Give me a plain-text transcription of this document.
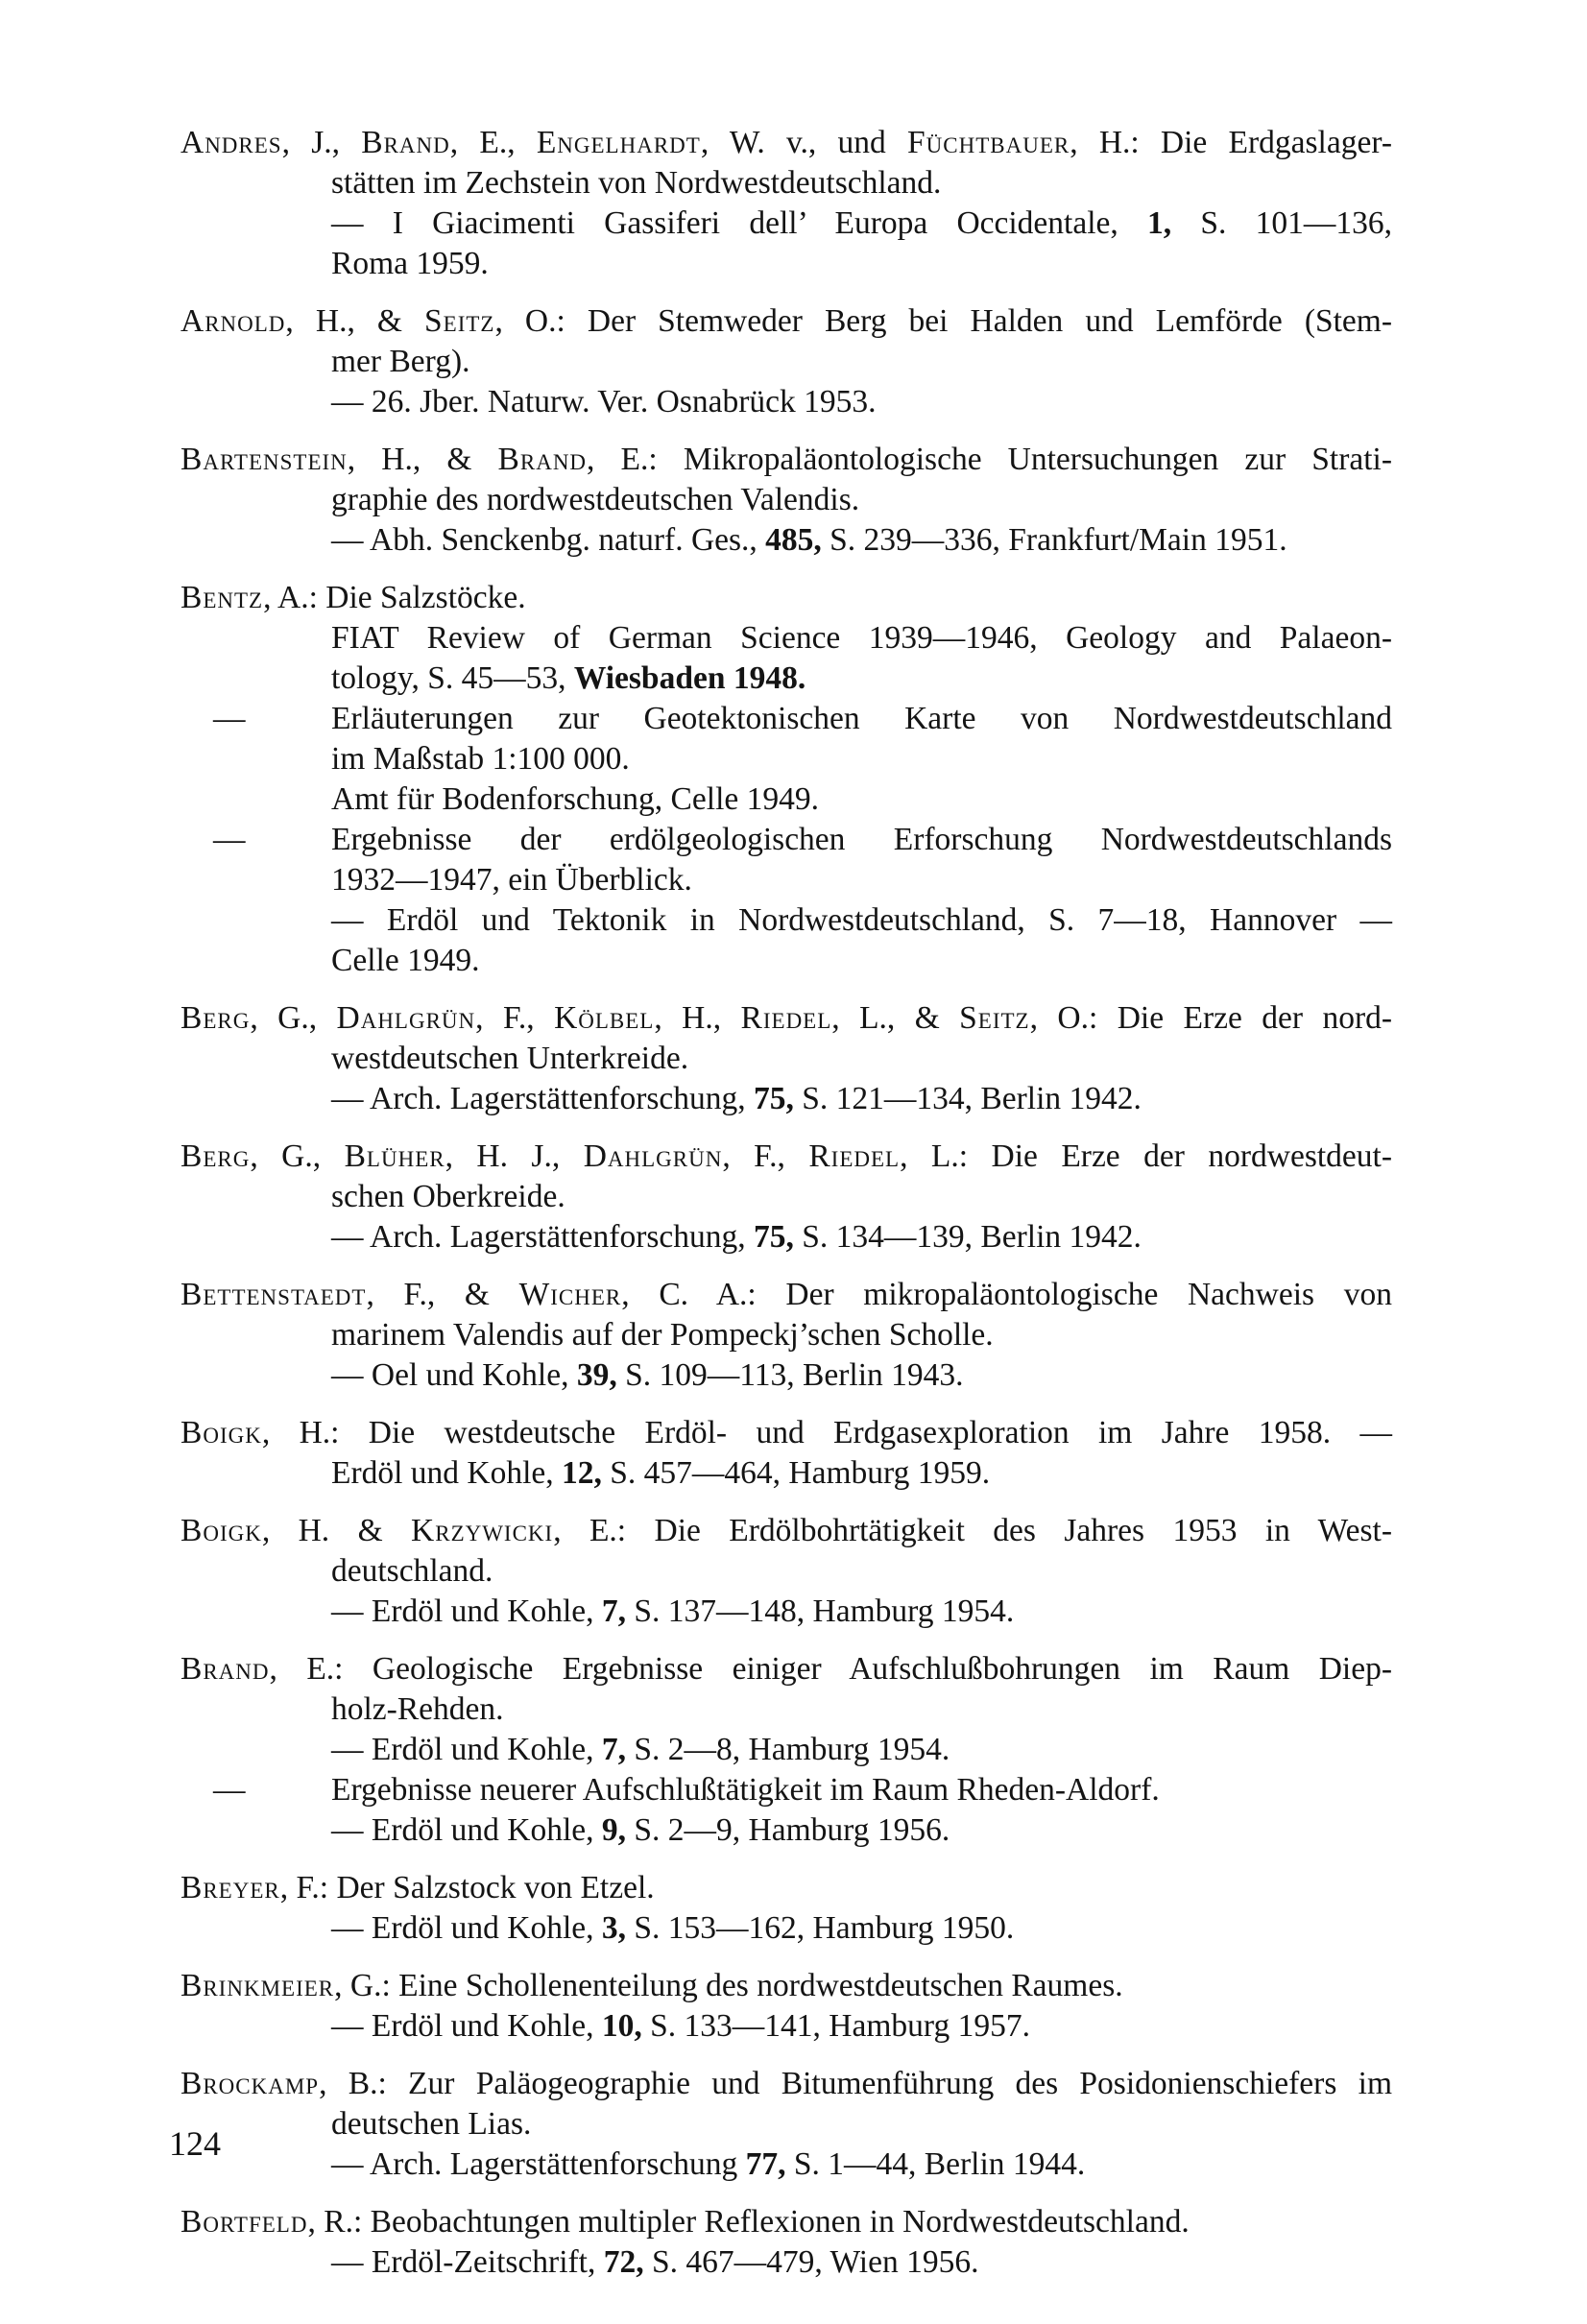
Andres, J., Brand, E., Engelhardt, W. v., und Füchtbauer, H.: Die Erdgaslager-
stätten im Zechstein von Nordwestdeutschland.
— I Giacimenti Gassiferi dell’ Europa Occidentale, 1, S. 101—136,
Roma 1959.
Arnold, H., & Seitz, O.: Der Stemweder Berg bei Halden und Lemförde (Stem-
mer Berg).
— 26. Jber. Naturw. Ver. Osnabrück 1953.
Bartenstein, H., & Brand, E.: Mikropaläontologische Untersuchungen zur Strati-
graphie des nordwestdeutschen Valendis.
— Abh. Senckenbg. naturf. Ges., 485, S. 239—336, Frankfurt/Main 1951.
Bentz, A.: Die Salzstöcke.
FIAT Review of German Science 1939—1946, Geology and Palaeon-
tology, S. 45—53, Wiesbaden 1948.
—	Erläuterungen zur Geotektonischen Karte von Nordwestdeutschland
im Maßstab 1:100 000.
Amt für Bodenforschung, Celle 1949.
—	Ergebnisse der erdölgeologischen Erforschung Nordwestdeutschlands
1932—1947, ein Überblick.
— Erdöl und Tektonik in Nordwestdeutschland, S. 7—18, Hannover —
Celle 1949.
Berg, G., Dahlgrün, F., Kölbel, H., Riedel, L., & Seitz, O.: Die Erze der nord-
westdeutschen Unterkreide.
— Arch. Lagerstättenforschung, 75, S. 121—134, Berlin 1942.
Berg, G., Blüher, H. J., Dahlgrün, F., Riedel, L.: Die Erze der nordwestdeut-
schen Oberkreide.
— Arch. Lagerstättenforschung, 75, S. 134—139, Berlin 1942.
Bettenstaedt, F., & Wicher, C. A.: Der mikropaläontologische Nachweis von
marinem Valendis auf der Pompeckj’schen Scholle.
— Oel und Kohle, 39, S. 109—113, Berlin 1943.
Boigk, H.: Die westdeutsche Erdöl- und Erdgasexploration im Jahre 1958. —
Erdöl und Kohle, 12, S. 457—464, Hamburg 1959.
Boigk, H. & Krzywicki, E.: Die Erdölbohrtätigkeit des Jahres 1953 in West-
deutschland.
— Erdöl und Kohle, 7, S. 137—148, Hamburg 1954.
Brand, E.: Geologische Ergebnisse einiger Aufschlußbohrungen im Raum Diep-
holz-Rehden.
— Erdöl und Kohle, 7, S. 2—8, Hamburg 1954.
—	Ergebnisse neuerer Aufschlußtätigkeit im Raum Rheden-Aldorf.
— Erdöl und Kohle, 9, S. 2—9, Hamburg 1956.
Breyer, F.: Der Salzstock von Etzel.
— Erdöl und Kohle, 3, S. 153—162, Hamburg 1950.
Brinkmeier, G.: Eine Schollenenteilung des nordwestdeutschen Raumes.
— Erdöl und Kohle, 10, S. 133—141, Hamburg 1957.
Brockamp, B.: Zur Paläogeographie und Bitumenführung des Posidonienschiefers im
deutschen Lias.
— Arch. Lagerstättenforschung 77, S. 1—44, Berlin 1944.
Bortfeld, R.: Beobachtungen multipler Reflexionen in Nordwestdeutschland.
— Erdöl-Zeitschrift, 72, S. 467—479, Wien 1956.
124
